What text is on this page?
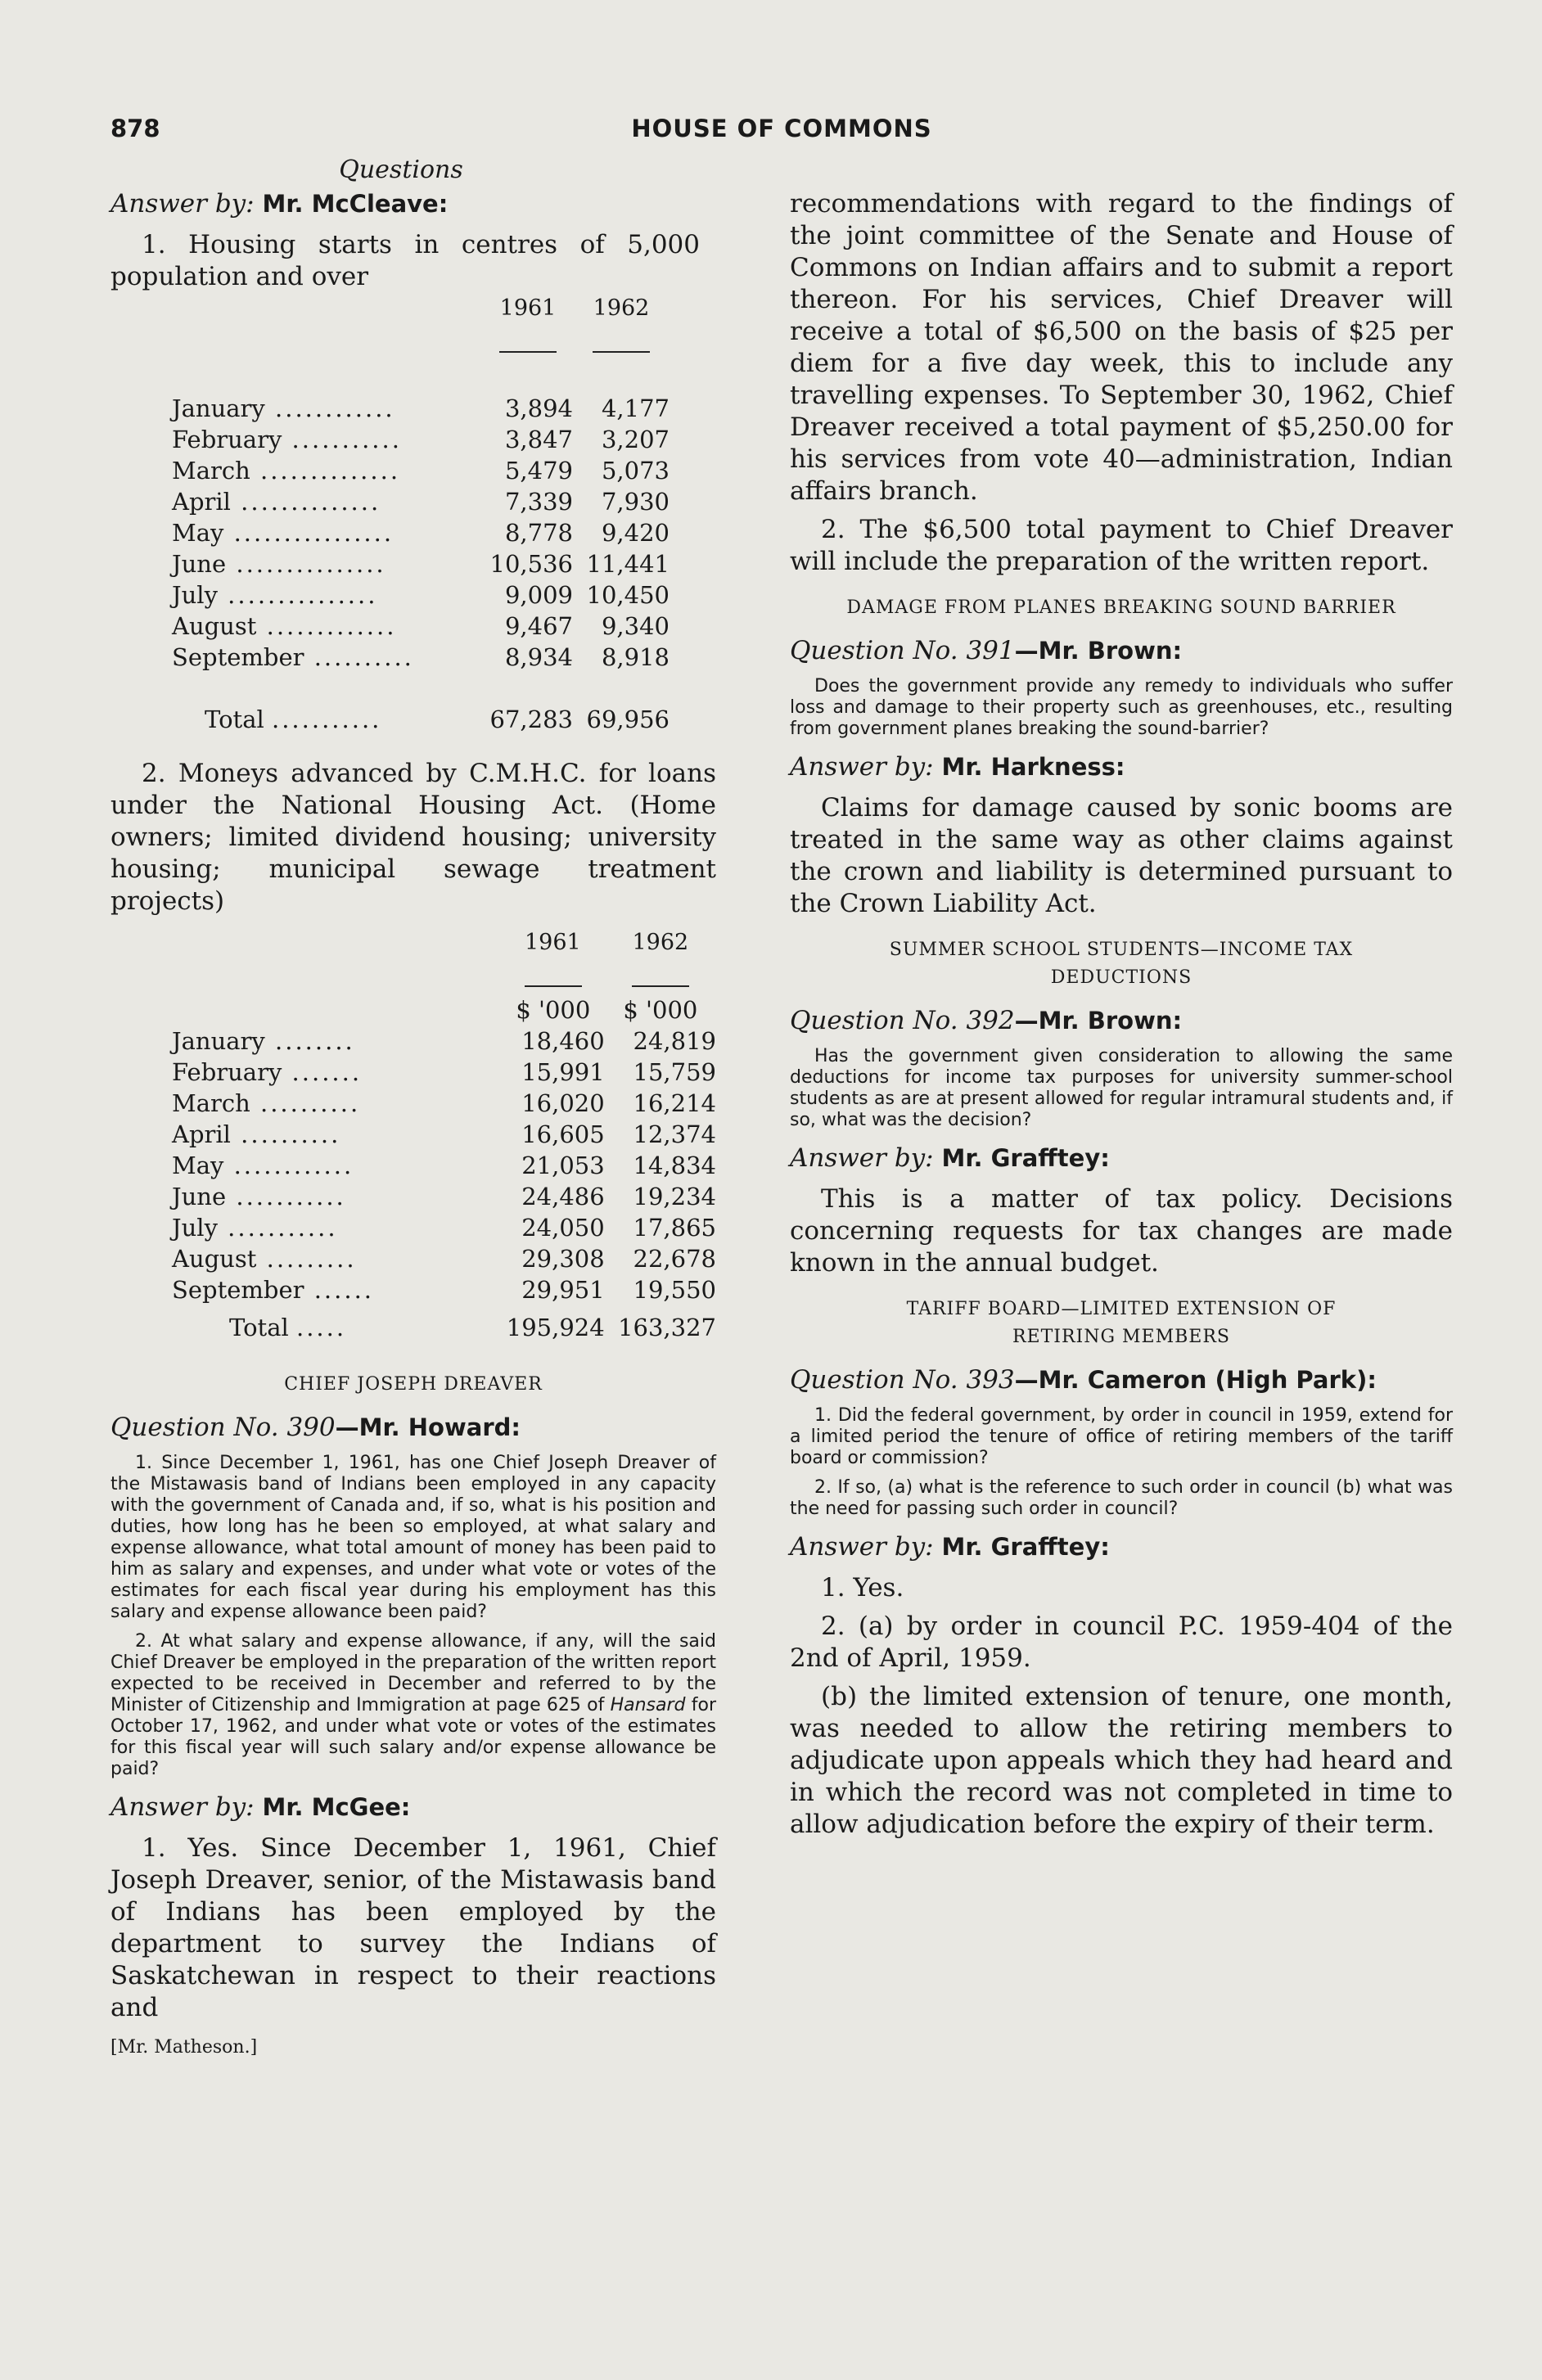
878	HOUSE OF COMMONS
Questions
Answer by: Mr. McCleave:

1. Housing starts in centres of 5,000 population and over

	1961	1962

January ............	3,894	4,177
February ...........	3,847	3,207
March ..............	5,479	5,073
April ..............	7,339	7,930
May ................	8,778	9,420
June ...............	10,536	11,441
July ...............	9,009	10,450
August .............	9,467	9,340
September ..........	8,934	8,918

Total ...........	67,283	69,956

2. Moneys advanced by C.M.H.C. for loans under the National Housing Act. (Home owners; limited dividend housing; university housing; municipal sewage treatment projects)

	1961	1962

	$ '000	$ '000
January ........	18,460	24,819
February .......	15,991	15,759
March ..........	16,020	16,214
April ..........	16,605	12,374
May ............	21,053	14,834
June ...........	24,486	19,234
July ...........	24,050	17,865
August .........	29,308	22,678
September ......	29,951	19,550
Total .....	195,924	163,327
CHIEF JOSEPH DREAVER
Question No. 390—Mr. Howard:

1. Since December 1, 1961, has one Chief Joseph Dreaver of the Mistawasis band of Indians been employed in any capacity with the government of Canada and, if so, what is his position and duties, how long has he been so employed, at what salary and expense allowance, what total amount of money has been paid to him as salary and expenses, and under what vote or votes of the estimates for each fiscal year during his employment has this salary and expense allowance been paid?

2. At what salary and expense allowance, if any, will the said Chief Dreaver be employed in the preparation of the written report expected to be received in December and referred to by the Minister of Citizenship and Immigration at page 625 of Hansard for October 17, 1962, and under what vote or votes of the estimates for this fiscal year will such salary and/or expense allowance be paid?

Answer by: Mr. McGee:

1. Yes. Since December 1, 1961, Chief Joseph Dreaver, senior, of the Mistawasis band of Indians has been employed by the department to survey the Indians of Saskatchewan in respect to their reactions and

[Mr. Matheson.]

recommendations with regard to the findings of the joint committee of the Senate and House of Commons on Indian affairs and to submit a report thereon. For his services, Chief Dreaver will receive a total of $6,500 on the basis of $25 per diem for a five day week, this to include any travelling expenses. To September 30, 1962, Chief Dreaver received a total payment of $5,250.00 for his services from vote 40—administration, Indian affairs branch.

2. The $6,500 total payment to Chief Dreaver will include the preparation of the written report.

DAMAGE FROM PLANES BREAKING SOUND BARRIER
Question No. 391—Mr. Brown:

Does the government provide any remedy to individuals who suffer loss and damage to their property such as greenhouses, etc., resulting from government planes breaking the sound-barrier?

Answer by: Mr. Harkness:

Claims for damage caused by sonic booms are treated in the same way as other claims against the crown and liability is determined pursuant to the Crown Liability Act.

SUMMER SCHOOL STUDENTS—INCOME TAX
DEDUCTIONS
Question No. 392—Mr. Brown:

Has the government given consideration to allowing the same deductions for income tax purposes for university summer-school students as are at present allowed for regular intramural students and, if so, what was the decision?

Answer by: Mr. Grafftey:

This is a matter of tax policy. Decisions concerning requests for tax changes are made known in the annual budget.

TARIFF BOARD—LIMITED EXTENSION OF
RETIRING MEMBERS
Question No. 393—Mr. Cameron (High Park):

1. Did the federal government, by order in council in 1959, extend for a limited period the tenure of office of retiring members of the tariff board or commission?

2. If so, (a) what is the reference to such order in council (b) what was the need for passing such order in council?

Answer by: Mr. Grafftey:

1. Yes.

2. (a) by order in council P.C. 1959-404 of the 2nd of April, 1959.

(b) the limited extension of tenure, one month, was needed to allow the retiring members to adjudicate upon appeals which they had heard and in which the record was not completed in time to allow adjudication before the expiry of their term.
